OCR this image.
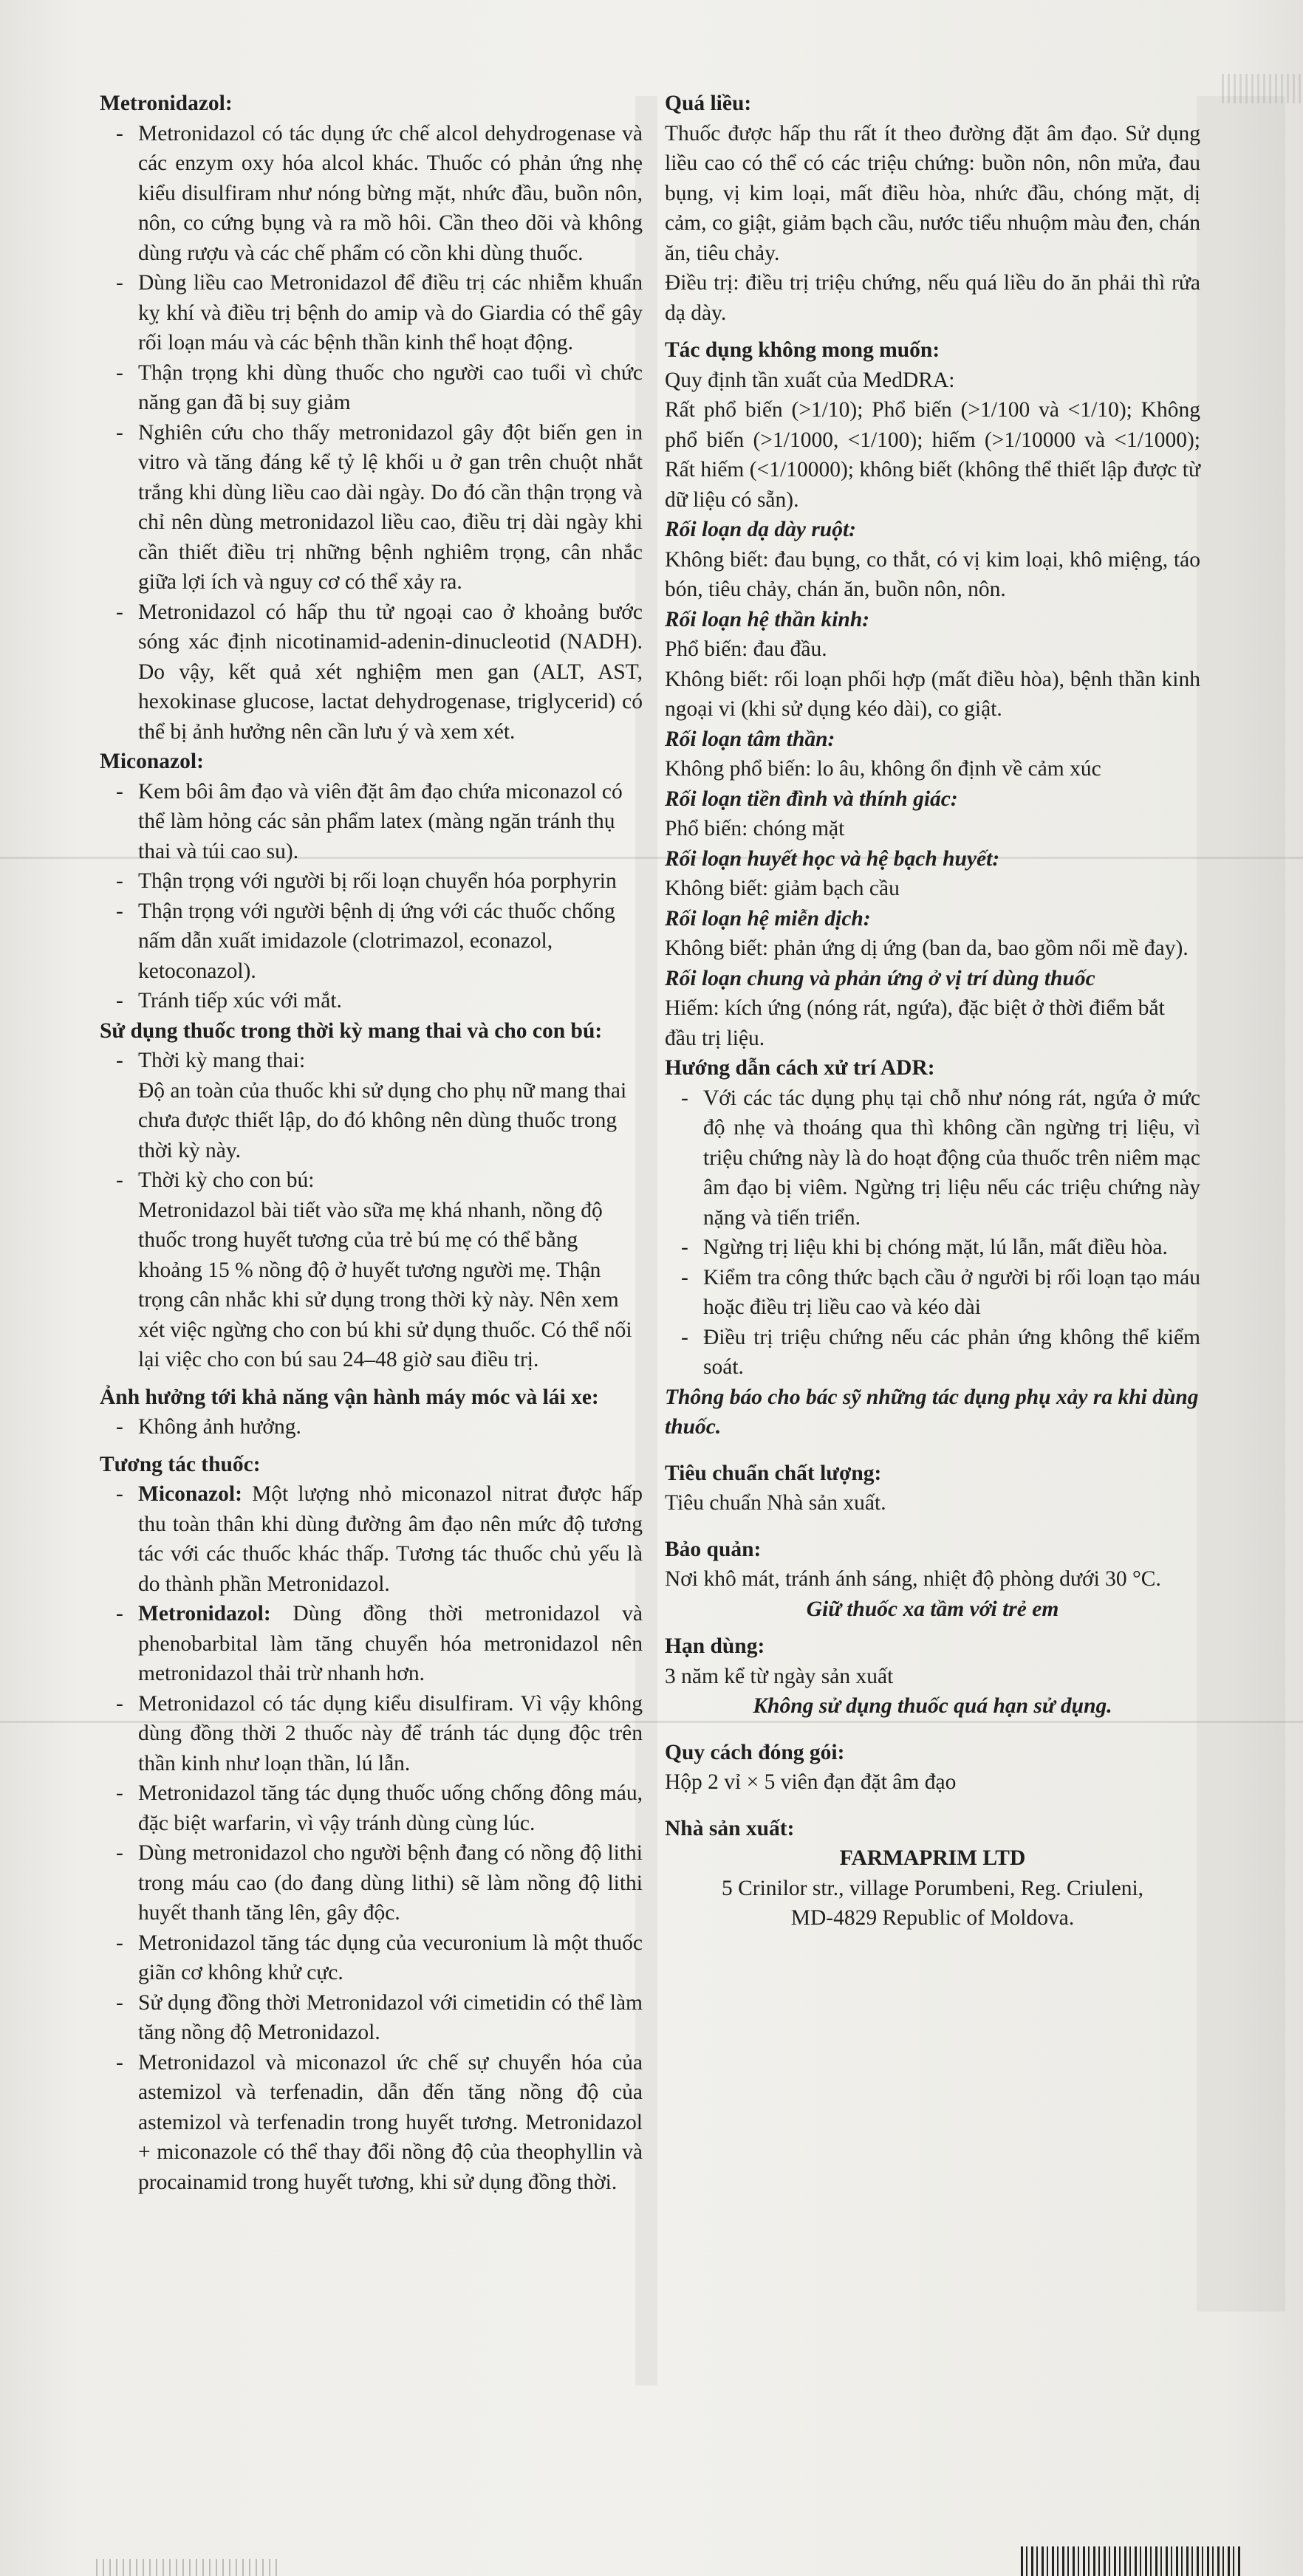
Metronidazol:

- Metronidazol có tác dụng ức chế alcol dehydrogenase và các enzym oxy hóa alcol khác. Thuốc có phản ứng nhẹ kiểu disulfiram như nóng bừng mặt, nhức đầu, buồn nôn, nôn, co cứng bụng và ra mồ hôi. Cần theo dõi và không dùng rượu và các chế phẩm có cồn khi dùng thuốc.
- Dùng liều cao Metronidazol để điều trị các nhiễm khuẩn kỵ khí và điều trị bệnh do amip và do Giardia có thể gây rối loạn máu và các bệnh thần kinh thể hoạt động.
- Thận trọng khi dùng thuốc cho người cao tuổi vì chức năng gan đã bị suy giảm
- Nghiên cứu cho thấy metronidazol gây đột biến gen in vitro và tăng đáng kể tỷ lệ khối u ở gan trên chuột nhắt trắng khi dùng liều cao dài ngày. Do đó cần thận trọng và chỉ nên dùng metronidazol liều cao, điều trị dài ngày khi cần thiết điều trị những bệnh nghiêm trọng, cân nhắc giữa lợi ích và nguy cơ có thể xảy ra.
- Metronidazol có hấp thu tử ngoại cao ở khoảng bước sóng xác định nicotinamid-adenin-dinucleotid (NADH). Do vậy, kết quả xét nghiệm men gan (ALT, AST, hexokinase glucose, lactat dehydrogenase, triglycerid) có thể bị ảnh hưởng nên cần lưu ý và xem xét.

Miconazol:

- Kem bôi âm đạo và viên đặt âm đạo chứa miconazol có thể làm hỏng các sản phẩm latex (màng ngăn tránh thụ thai và túi cao su).
- Thận trọng với người bị rối loạn chuyển hóa porphyrin
- Thận trọng với người bệnh dị ứng với các thuốc chống nấm dẫn xuất imidazole (clotrimazol, econazol, ketoconazol).
- Tránh tiếp xúc với mắt.

Sử dụng thuốc trong thời kỳ mang thai và cho con bú:

- Thời kỳ mang thai:
Độ an toàn của thuốc khi sử dụng cho phụ nữ mang thai chưa được thiết lập, do đó không nên dùng thuốc trong thời kỳ này.
- Thời kỳ cho con bú:
Metronidazol bài tiết vào sữa mẹ khá nhanh, nồng độ thuốc trong huyết tương của trẻ bú mẹ có thể bằng khoảng 15 % nồng độ ở huyết tương người mẹ. Thận trọng cân nhắc khi sử dụng trong thời kỳ này. Nên xem xét việc ngừng cho con bú khi sử dụng thuốc. Có thể nối lại việc cho con bú sau 24–48 giờ sau điều trị.

Ảnh hưởng tới khả năng vận hành máy móc và lái xe:

- Không ảnh hưởng.

Tương tác thuốc:

- Miconazol: Một lượng nhỏ miconazol nitrat được hấp thu toàn thân khi dùng đường âm đạo nên mức độ tương tác với các thuốc khác thấp. Tương tác thuốc chủ yếu là do thành phần Metronidazol.
- Metronidazol: Dùng đồng thời metronidazol và phenobarbital làm tăng chuyển hóa metronidazol nên metronidazol thải trừ nhanh hơn.
- Metronidazol có tác dụng kiểu disulfiram. Vì vậy không dùng đồng thời 2 thuốc này để tránh tác dụng độc trên thần kinh như loạn thần, lú lẫn.
- Metronidazol tăng tác dụng thuốc uống chống đông máu, đặc biệt warfarin, vì vậy tránh dùng cùng lúc.
- Dùng metronidazol cho người bệnh đang có nồng độ lithi trong máu cao (do đang dùng lithi) sẽ làm nồng độ lithi huyết thanh tăng lên, gây độc.
- Metronidazol tăng tác dụng của vecuronium là một thuốc giãn cơ không khử cực.
- Sử dụng đồng thời Metronidazol với cimetidin có thể làm tăng nồng độ Metronidazol.
- Metronidazol và miconazol ức chế sự chuyển hóa của astemizol và terfenadin, dẫn đến tăng nồng độ của astemizol và terfenadin trong huyết tương. Metronidazol + miconazole có thể thay đổi nồng độ của theophyllin và procainamid trong huyết tương, khi sử dụng đồng thời.

Quá liều:

Thuốc được hấp thu rất ít theo đường đặt âm đạo. Sử dụng liều cao có thể có các triệu chứng: buồn nôn, nôn mửa, đau bụng, vị kim loại, mất điều hòa, nhức đầu, chóng mặt, dị cảm, co giật, giảm bạch cầu, nước tiểu nhuộm màu đen, chán ăn, tiêu chảy.

Điều trị: điều trị triệu chứng, nếu quá liều do ăn phải thì rửa dạ dày.

Tác dụng không mong muốn:

Quy định tần xuất của MedDRA:

Rất phổ biến (>1/10); Phổ biến (>1/100 và <1/10); Không phổ biến (>1/1000, <1/100); hiếm (>1/10000 và <1/1000); Rất hiếm (<1/10000); không biết (không thể thiết lập được từ dữ liệu có sẵn).

Rối loạn dạ dày ruột:

Không biết: đau bụng, co thắt, có vị kim loại, khô miệng, táo bón, tiêu chảy, chán ăn, buồn nôn, nôn.

Rối loạn hệ thần kinh:

Phổ biến: đau đầu.

Không biết: rối loạn phối hợp (mất điều hòa), bệnh thần kinh ngoại vi (khi sử dụng kéo dài), co giật.

Rối loạn tâm thần:

Không phổ biến: lo âu, không ổn định về cảm xúc

Rối loạn tiền đình và thính giác:

Phổ biến: chóng mặt

Rối loạn huyết học và hệ bạch huyết:

Không biết: giảm bạch cầu

Rối loạn hệ miễn dịch:

Không biết: phản ứng dị ứng (ban da, bao gồm nổi mề đay).

Rối loạn chung và phản ứng ở vị trí dùng thuốc

Hiếm: kích ứng (nóng rát, ngứa), đặc biệt ở thời điểm bắt đầu trị liệu.

Hướng dẫn cách xử trí ADR:

- Với các tác dụng phụ tại chỗ như nóng rát, ngứa ở mức độ nhẹ và thoáng qua thì không cần ngừng trị liệu, vì triệu chứng này là do hoạt động của thuốc trên niêm mạc âm đạo bị viêm. Ngừng trị liệu nếu các triệu chứng này nặng và tiến triển.
- Ngừng trị liệu khi bị chóng mặt, lú lẫn, mất điều hòa.
- Kiểm tra công thức bạch cầu ở người bị rối loạn tạo máu hoặc điều trị liều cao và kéo dài
- Điều trị triệu chứng nếu các phản ứng không thể kiểm soát.

Thông báo cho bác sỹ những tác dụng phụ xảy ra khi dùng thuốc.

Tiêu chuẩn chất lượng:

Tiêu chuẩn Nhà sản xuất.

Bảo quản:

Nơi khô mát, tránh ánh sáng, nhiệt độ phòng dưới 30 °C.

Giữ thuốc xa tầm với trẻ em

Hạn dùng:

3 năm kể từ ngày sản xuất

Không sử dụng thuốc quá hạn sử dụng.

Quy cách đóng gói:

Hộp 2 vỉ × 5 viên đạn đặt âm đạo

Nhà sản xuất:

FARMAPRIM LTD

5 Crinilor str., village Porumbeni, Reg. Criuleni,

MD-4829 Republic of Moldova.
